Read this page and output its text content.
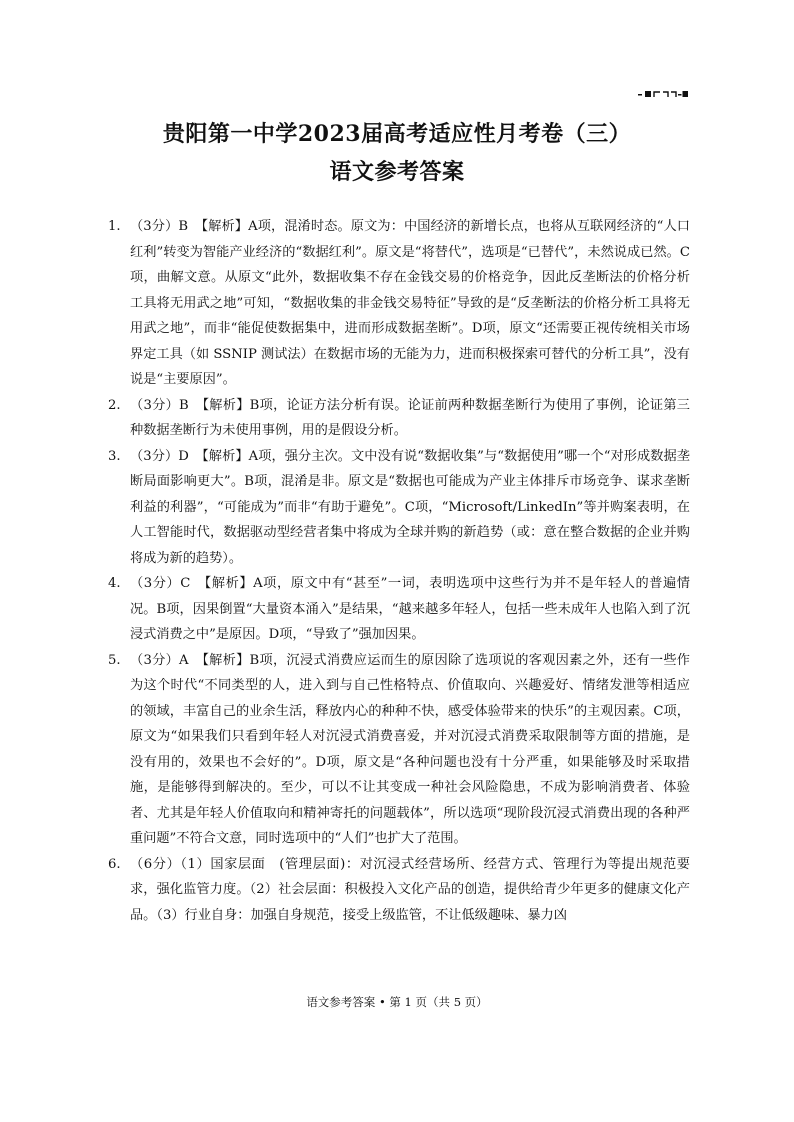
贵阳第一中学2023届高考适应性月考卷（三）
语文参考答案
1. （3分）B　【解析】A项，混淆时态。原文为：中国经济的新增长点，也将从互联网经济的“人口红利”转变为智能产业经济的“数据红利”。原文是“将替代”，选项是“已替代”，未然说成已然。C项，曲解文意。从原文“此外，数据收集不存在金钱交易的价格竞争，因此反垄断法的价格分析工具将无用武之地”可知，“数据收集的非金钱交易特征”导致的是“反垄断法的价格分析工具将无用武之地”，而非“能促使数据集中，进而形成数据垄断”。D项，原文“还需要正视传统相关市场界定工具（如 SSNIP 测试法）在数据市场的无能为力，进而积极探索可替代的分析工具”，没有说是“主要原因”。
2. （3分）B　【解析】B项，论证方法分析有误。论证前两种数据垄断行为使用了事例，论证第三种数据垄断行为未使用事例，用的是假设分析。
3. （3分）D　【解析】A项，强分主次。文中没有说“数据收集”与“数据使用”哪一个“对形成数据垄断局面影响更大”。B项，混淆是非。原文是“数据也可能成为产业主体排斥市场竞争、谋求垄断利益的利器”，“可能成为”而非“有助于避免”。C项，“Microsoft/LinkedIn”等并购案表明，在人工智能时代，数据驱动型经营者集中将成为全球并购的新趋势（或：意在整合数据的企业并购将成为新的趋势）。
4. （3分）C　【解析】A项，原文中有“甚至”一词，表明选项中这些行为并不是年轻人的普遍情况。B项，因果倒置“大量资本涌入”是结果，“越来越多年轻人，包括一些未成年人也陷入到了沉浸式消费之中”是原因。D项，“导致了”强加因果。
5. （3分）A　【解析】B项，沉浸式消费应运而生的原因除了选项说的客观因素之外，还有一些作为这个时代“不同类型的人，进入到与自己性格特点、价值取向、兴趣爱好、情绪发泄等相适应的领域，丰富自己的业余生活，释放内心的种种不快，感受体验带来的快乐”的主观因素。C项，原文为“如果我们只看到年轻人对沉浸式消费喜爱，并对沉浸式消费采取限制等方面的措施，是没有用的，效果也不会好的”。D项，原文是“各种问题也没有十分严重，如果能够及时采取措施，是能够得到解决的。至少，可以不让其变成一种社会风险隐患，不成为影响消费者、体验者、尤其是年轻人价值取向和精神寄托的问题载体”，所以选项“现阶段沉浸式消费出现的各种严重问题”不符合文意，同时选项中的“人们”也扩大了范围。
6. （6分）（1）国家层面　(管理层面)：对沉浸式经营场所、经营方式、管理行为等提出规范要求，强化监管力度。（2）社会层面：积极投入文化产品的创造，提供给青少年更多的健康文化产品。（3）行业自身：加强自身规范，接受上级监管，不让低级趣味、暴力凶
语文参考答案 • 第 1 页（共 5 页）
